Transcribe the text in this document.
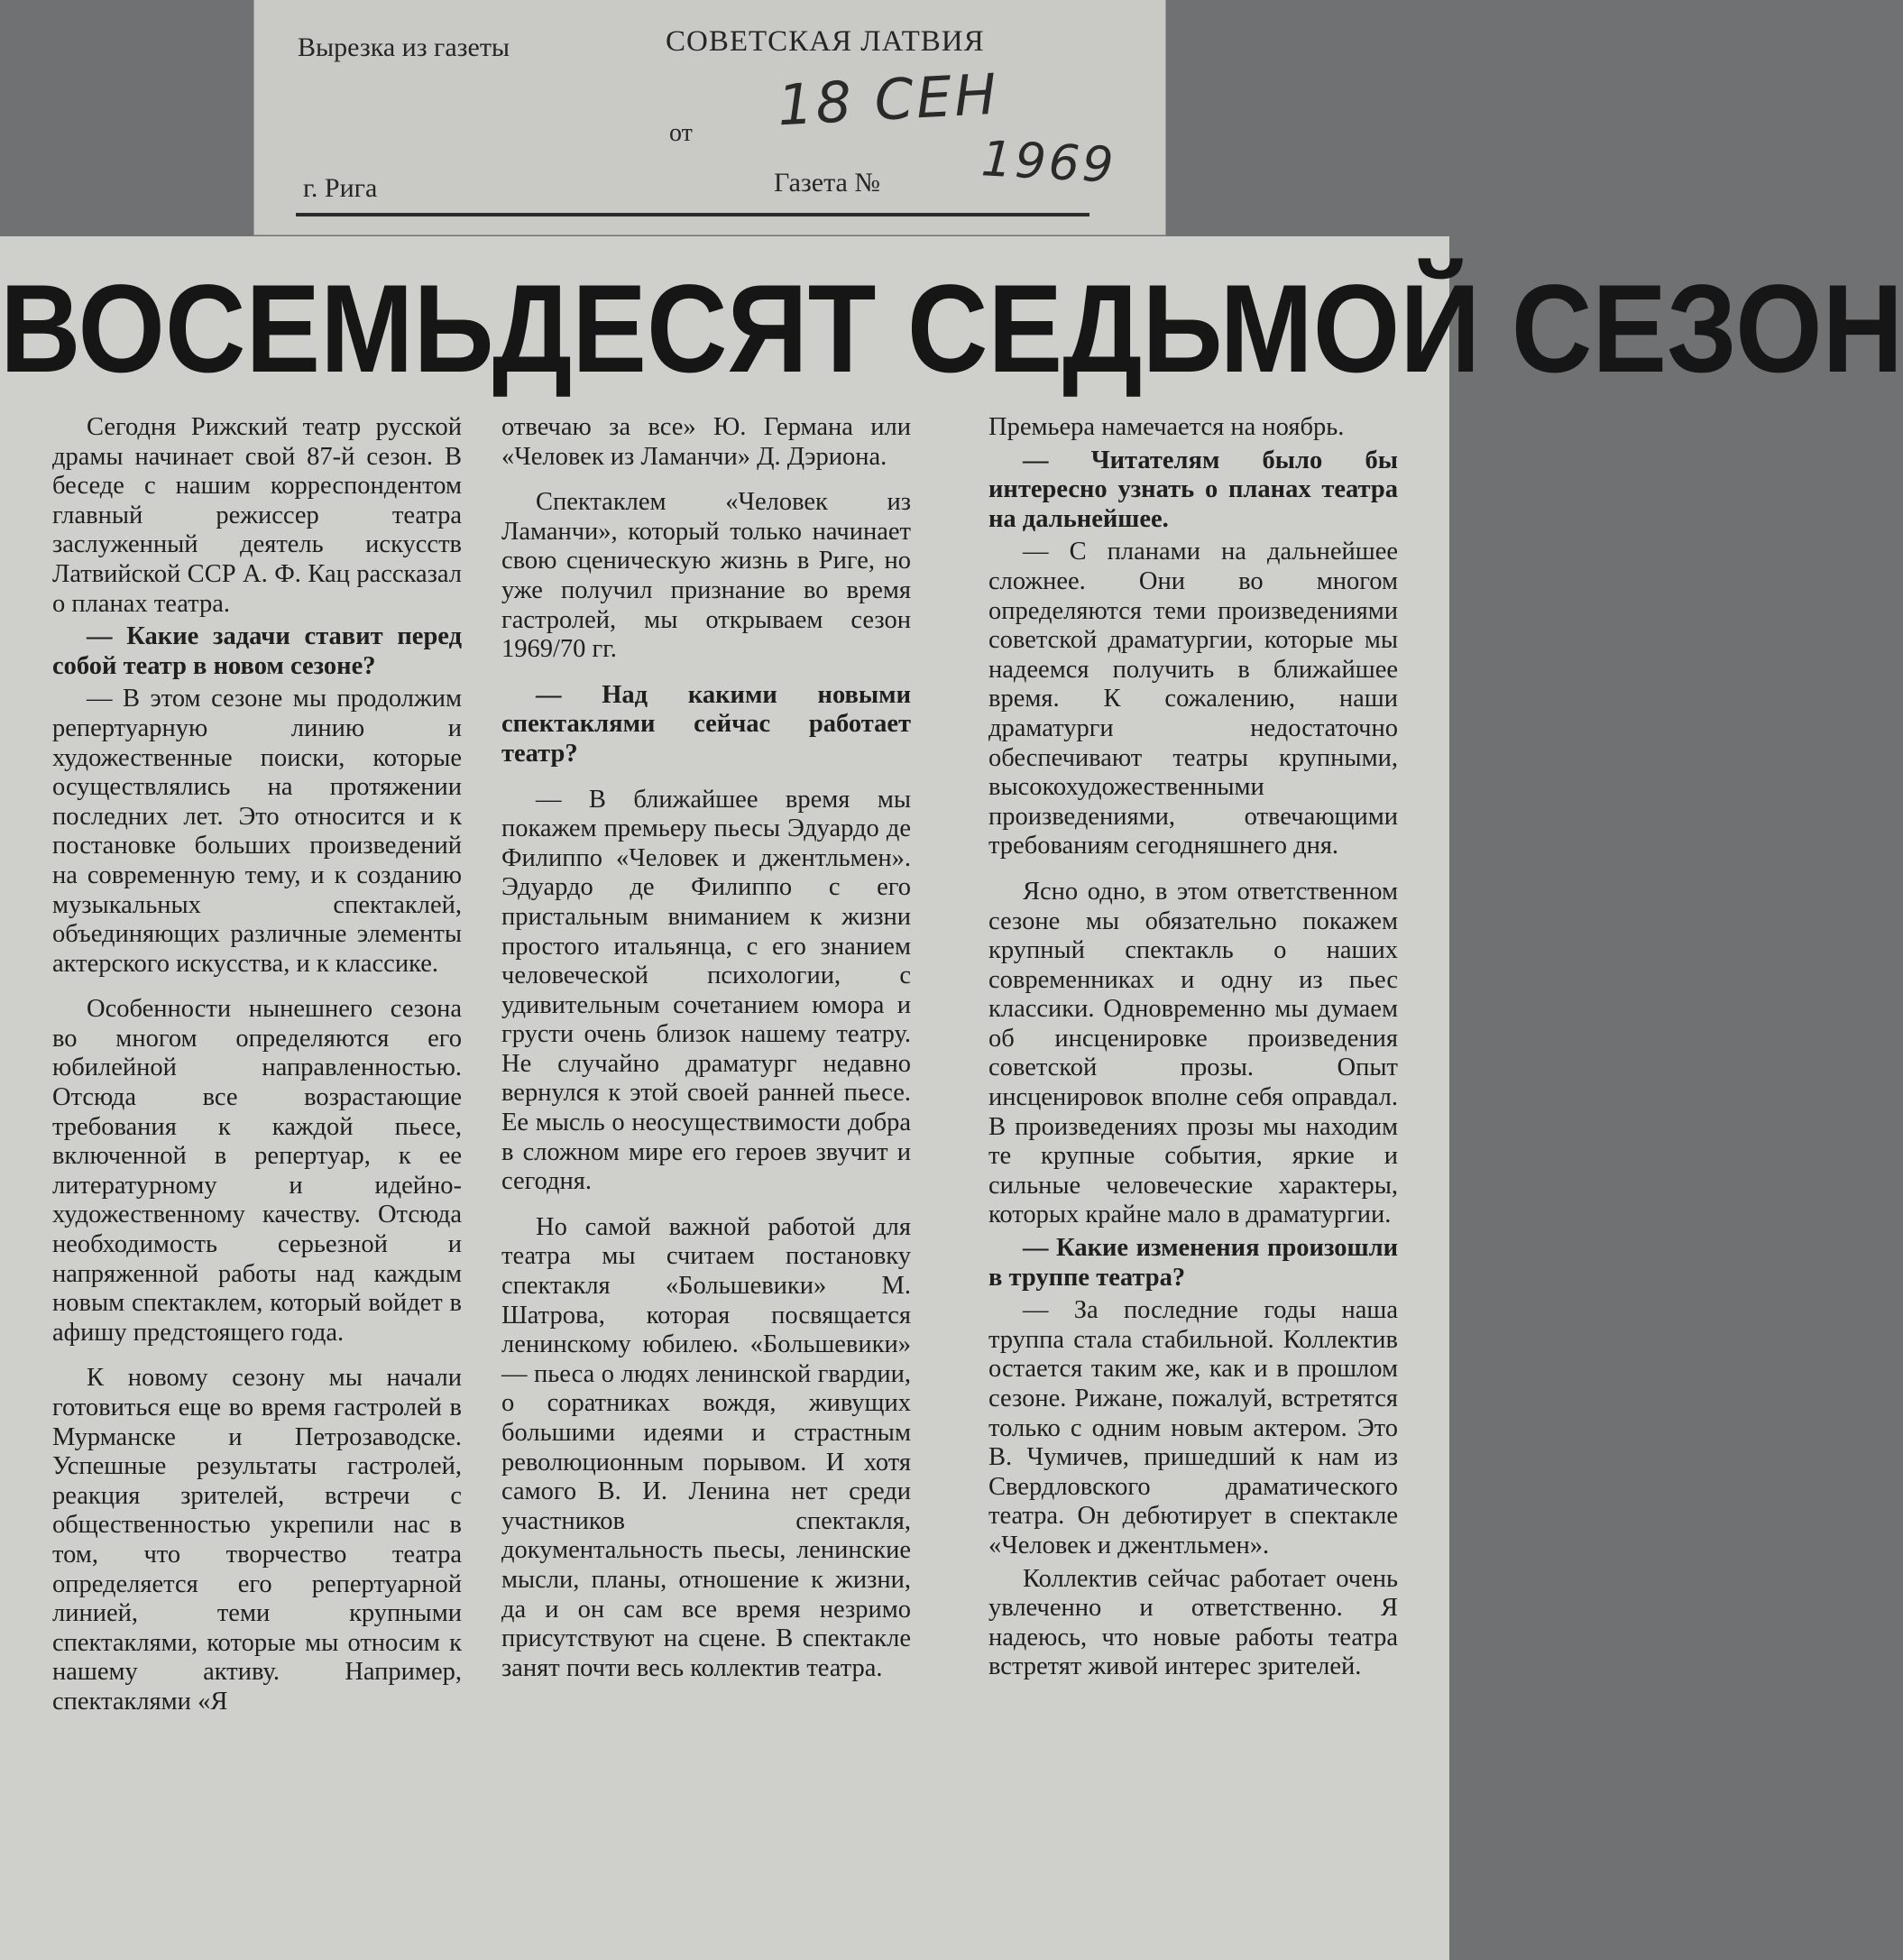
Вырезка из газеты	СОВЕТСКАЯ ЛАТВИЯ
от 18 СЕН
1969
г. Рига	Газета №
ВОСЕМЬДЕСЯТ СЕДЬМОЙ СЕЗОН

Сегодня Рижский театр русской драмы начинает свой 87-й сезон. В беседе с нашим корреспондентом главный режиссер театра заслуженный деятель искусств Латвийской ССР А. Ф. Кац рассказал о планах театра.

— Какие задачи ставит перед собой театр в новом сезоне?

— В этом сезоне мы продолжим репертуарную линию и художественные поиски, которые осуществлялись на протяжении последних лет. Это относится и к постановке больших произведений на современную тему, и к созданию музыкальных спектаклей, объединяющих различные элементы актерского искусства, и к классике.

Особенности нынешнего сезона во многом определяются его юбилейной направленностью. Отсюда все возрастающие требования к каждой пьесе, включенной в репертуар, к ее литературному и идейно-художественному качеству. Отсюда необходимость серьезной и напряженной работы над каждым новым спектаклем, который войдет в афишу предстоящего года.

К новому сезону мы начали готовиться еще во время гастролей в Мурманске и Петрозаводске. Успешные результаты гастролей, реакция зрителей, встречи с общественностью укрепили нас в том, что творчество театра определяется его репертуарной линией, теми крупными спектаклями, которые мы относим к нашему активу. Например, спектаклями «Я

отвечаю за все» Ю. Германа или «Человек из Ламанчи» Д. Дэриона.

Спектаклем «Человек из Ламанчи», который только начинает свою сценическую жизнь в Риге, но уже получил признание во время гастролей, мы открываем сезон 1969/70 гг.

— Над какими новыми спектаклями сейчас работает театр?

— В ближайшее время мы покажем премьеру пьесы Эдуардо де Филиппо «Человек и джентльмен». Эдуардо де Филиппо с его пристальным вниманием к жизни простого итальянца, с его знанием человеческой психологии, с удивительным сочетанием юмора и грусти очень близок нашему театру. Не случайно драматург недавно вернулся к этой своей ранней пьесе. Ее мысль о неосуществимости добра в сложном мире его героев звучит и сегодня.

Но самой важной работой для театра мы считаем постановку спектакля «Большевики» М. Шатрова, которая посвящается ленинскому юбилею. «Большевики» — пьеса о людях ленинской гвардии, о соратниках вождя, живущих большими идеями и страстным революционным порывом. И хотя самого В. И. Ленина нет среди участников спектакля, документальность пьесы, ленинские мысли, планы, отношение к жизни, да и он сам все время незримо присутствуют на сцене. В спектакле занят почти весь коллектив театра.

Премьера намечается на ноябрь.

— Читателям было бы интересно узнать о планах театра на дальнейшее.

— С планами на дальнейшее сложнее. Они во многом определяются теми произведениями советской драматургии, которые мы надеемся получить в ближайшее время. К сожалению, наши драматурги недостаточно обеспечивают театры крупными, высокохудожественными произведениями, отвечающими требованиям сегодняшнего дня.

Ясно одно, в этом ответственном сезоне мы обязательно покажем крупный спектакль о наших современниках и одну из пьес классики. Одновременно мы думаем об инсценировке произведения советской прозы. Опыт инсценировок вполне себя оправдал. В произведениях прозы мы находим те крупные события, яркие и сильные человеческие характеры, которых крайне мало в драматургии.

— Какие изменения произошли в труппе театра?

— За последние годы наша труппа стала стабильной. Коллектив остается таким же, как и в прошлом сезоне. Рижане, пожалуй, встретятся только с одним новым актером. Это В. Чумичев, пришедший к нам из Свердловского драматического театра. Он дебютирует в спектакле «Человек и джентльмен».

Коллектив сейчас работает очень увлеченно и ответственно. Я надеюсь, что новые работы театра встретят живой интерес зрителей.
